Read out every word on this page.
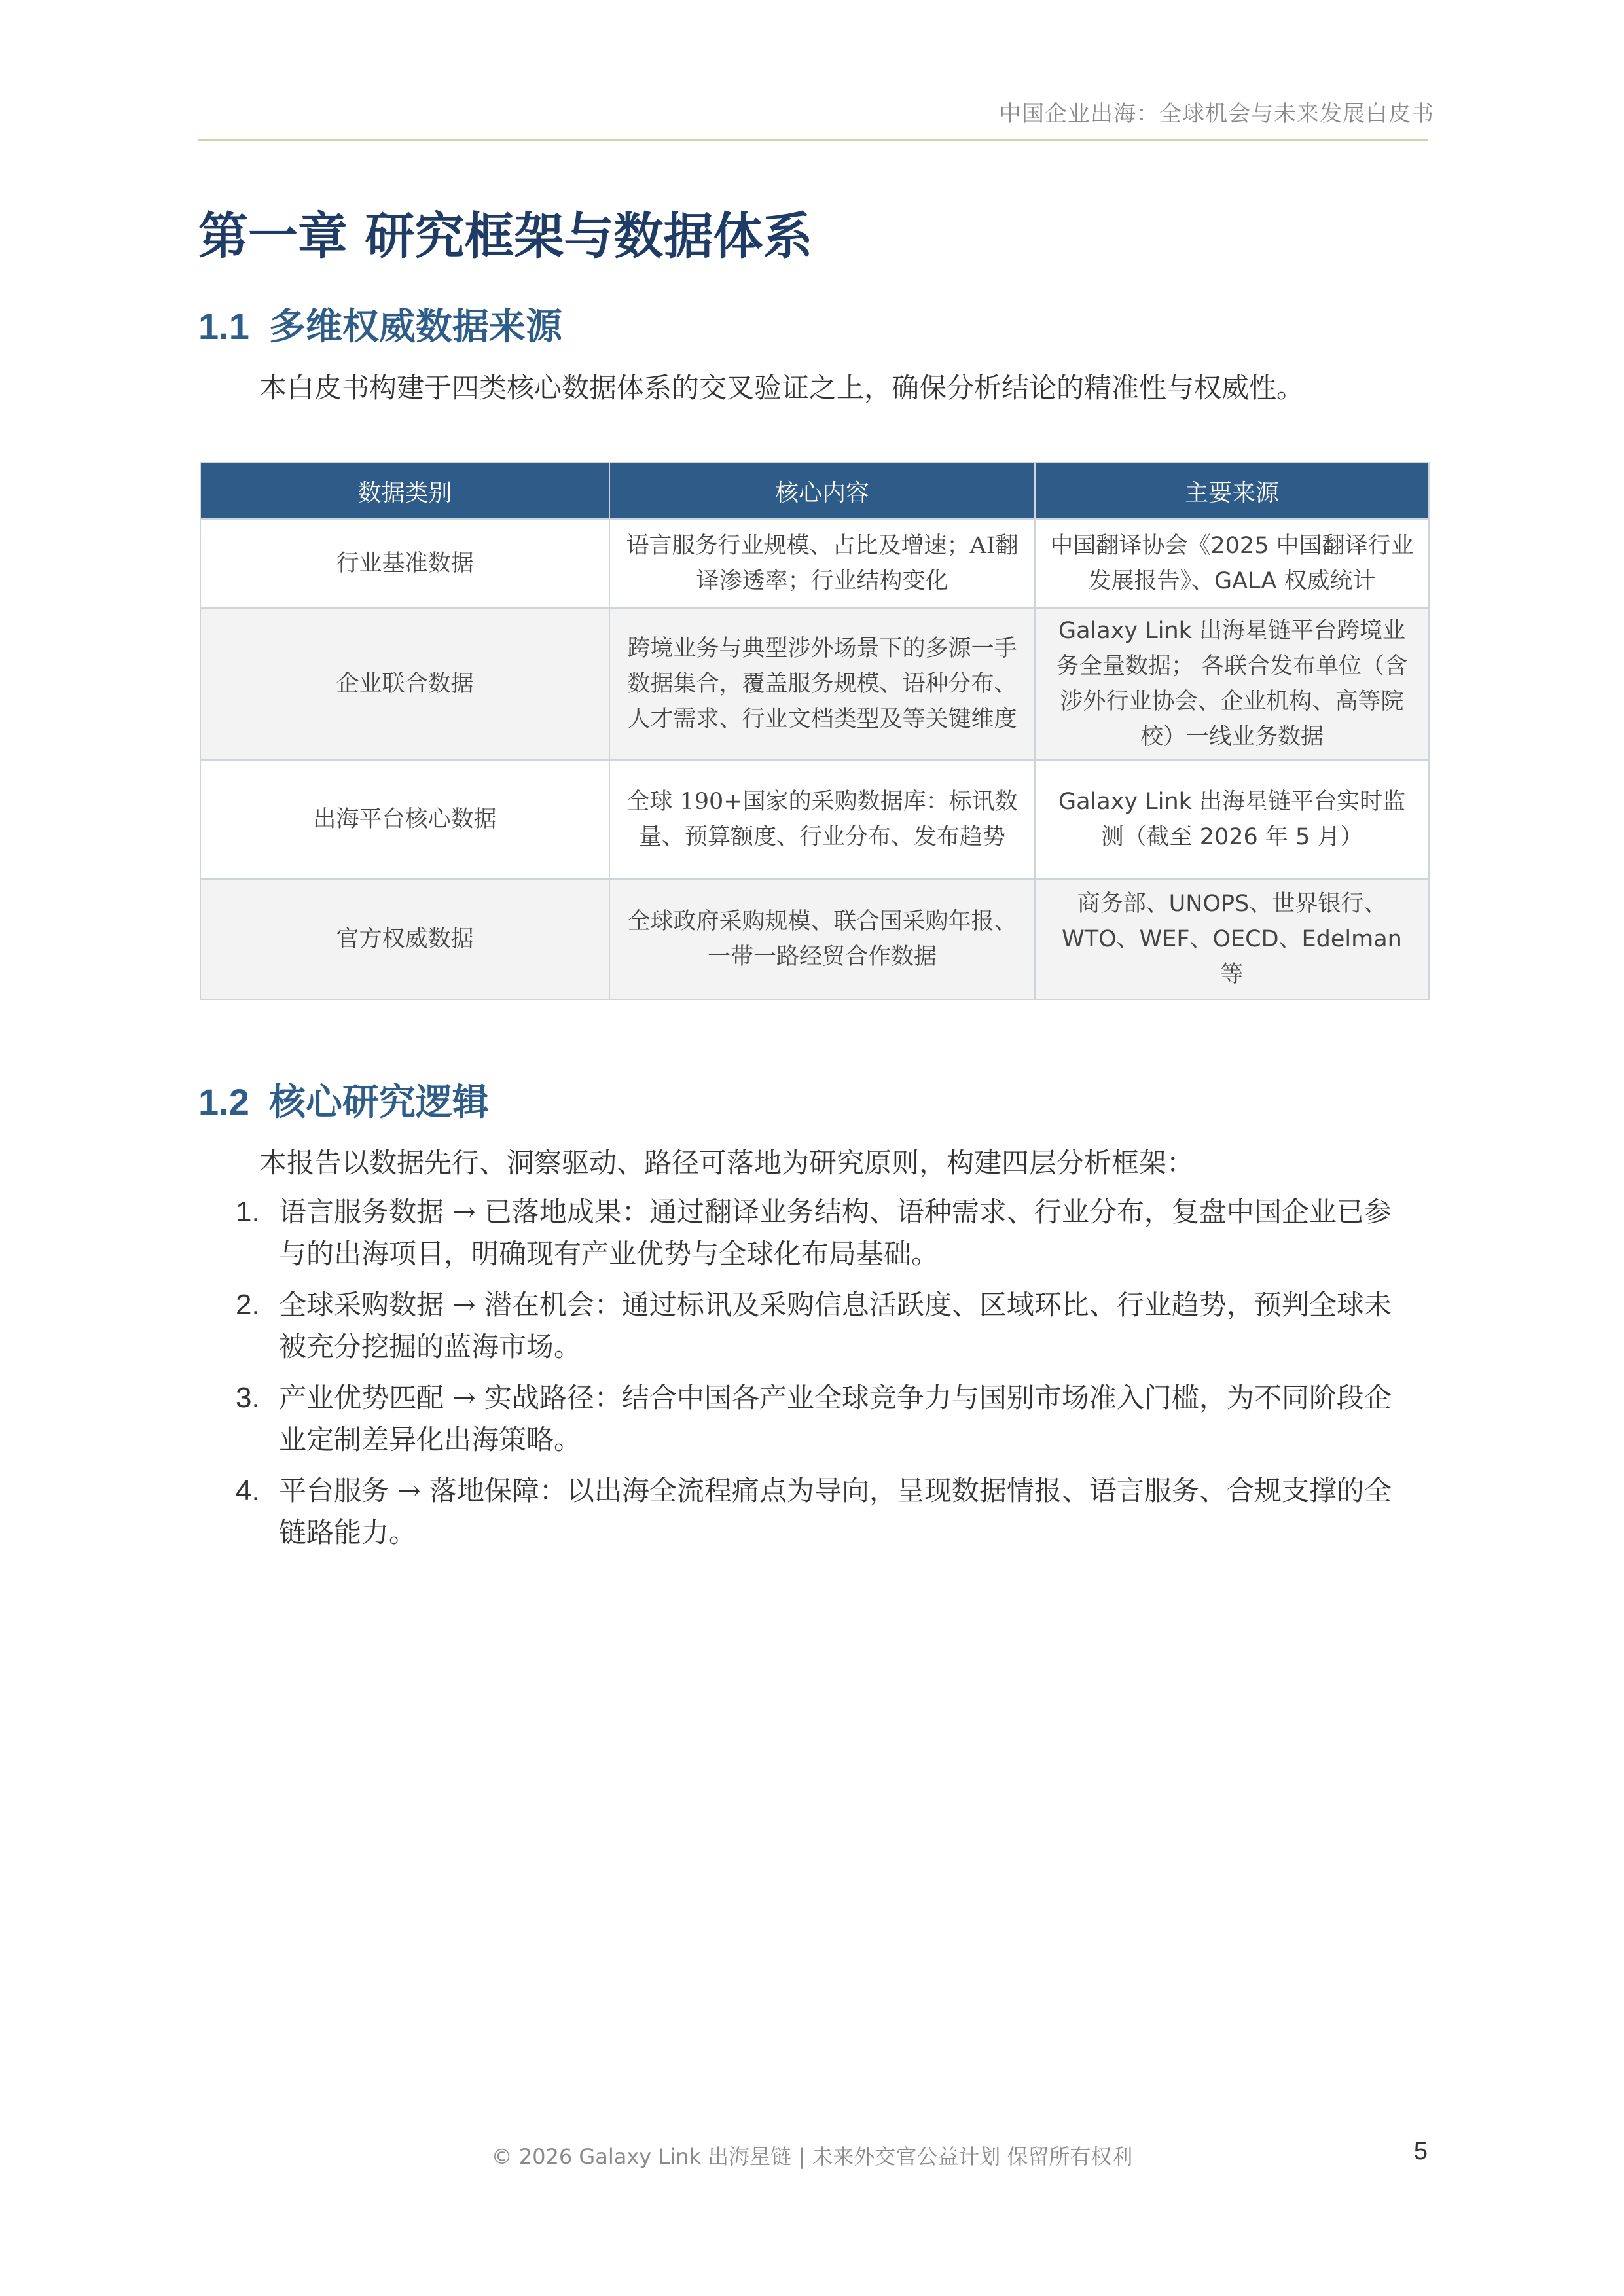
中国企业出海：全球机会与未来发展白皮书
第一章 研究框架与数据体系
1.1 多维权威数据来源
本白皮书构建于四类核心数据体系的交叉验证之上，确保分析结论的精准性与权威性。
数据类别	核心内容	主要来源
行业基准数据	语言服务行业规模、占比及增速；AI翻译渗透率；行业结构变化	中国翻译协会《2025 中国翻译行业发展报告》、GALA 权威统计
企业联合数据	跨境业务与典型涉外场景下的多源一手数据集合，覆盖服务规模、语种分布、人才需求、行业文档类型及等关键维度	Galaxy Link 出海星链平台跨境业务全量数据； 各联合发布单位（含涉外行业协会、企业机构、高等院校）一线业务数据
出海平台核心数据	全球 190+国家的采购数据库：标讯数量、预算额度、行业分布、发布趋势	Galaxy Link 出海星链平台实时监测（截至 2026 年 5 月）
官方权威数据	全球政府采购规模、联合国采购年报、一带一路经贸合作数据	商务部、UNOPS、世界银行、WTO、WEF、OECD、Edelman 等
1.2 核心研究逻辑
本报告以数据先行、洞察驱动、路径可落地为研究原则，构建四层分析框架：
1. 语言服务数据 → 已落地成果：通过翻译业务结构、语种需求、行业分布，复盘中国企业已参与的出海项目，明确现有产业优势与全球化布局基础。
2. 全球采购数据 → 潜在机会：通过标讯及采购信息活跃度、区域环比、行业趋势，预判全球未被充分挖掘的蓝海市场。
3. 产业优势匹配 → 实战路径：结合中国各产业全球竞争力与国别市场准入门槛，为不同阶段企业定制差异化出海策略。
4. 平台服务 → 落地保障：以出海全流程痛点为导向，呈现数据情报、语言服务、合规支撑的全链路能力。
© 2026 Galaxy Link 出海星链 | 未来外交官公益计划 保留所有权利	5
